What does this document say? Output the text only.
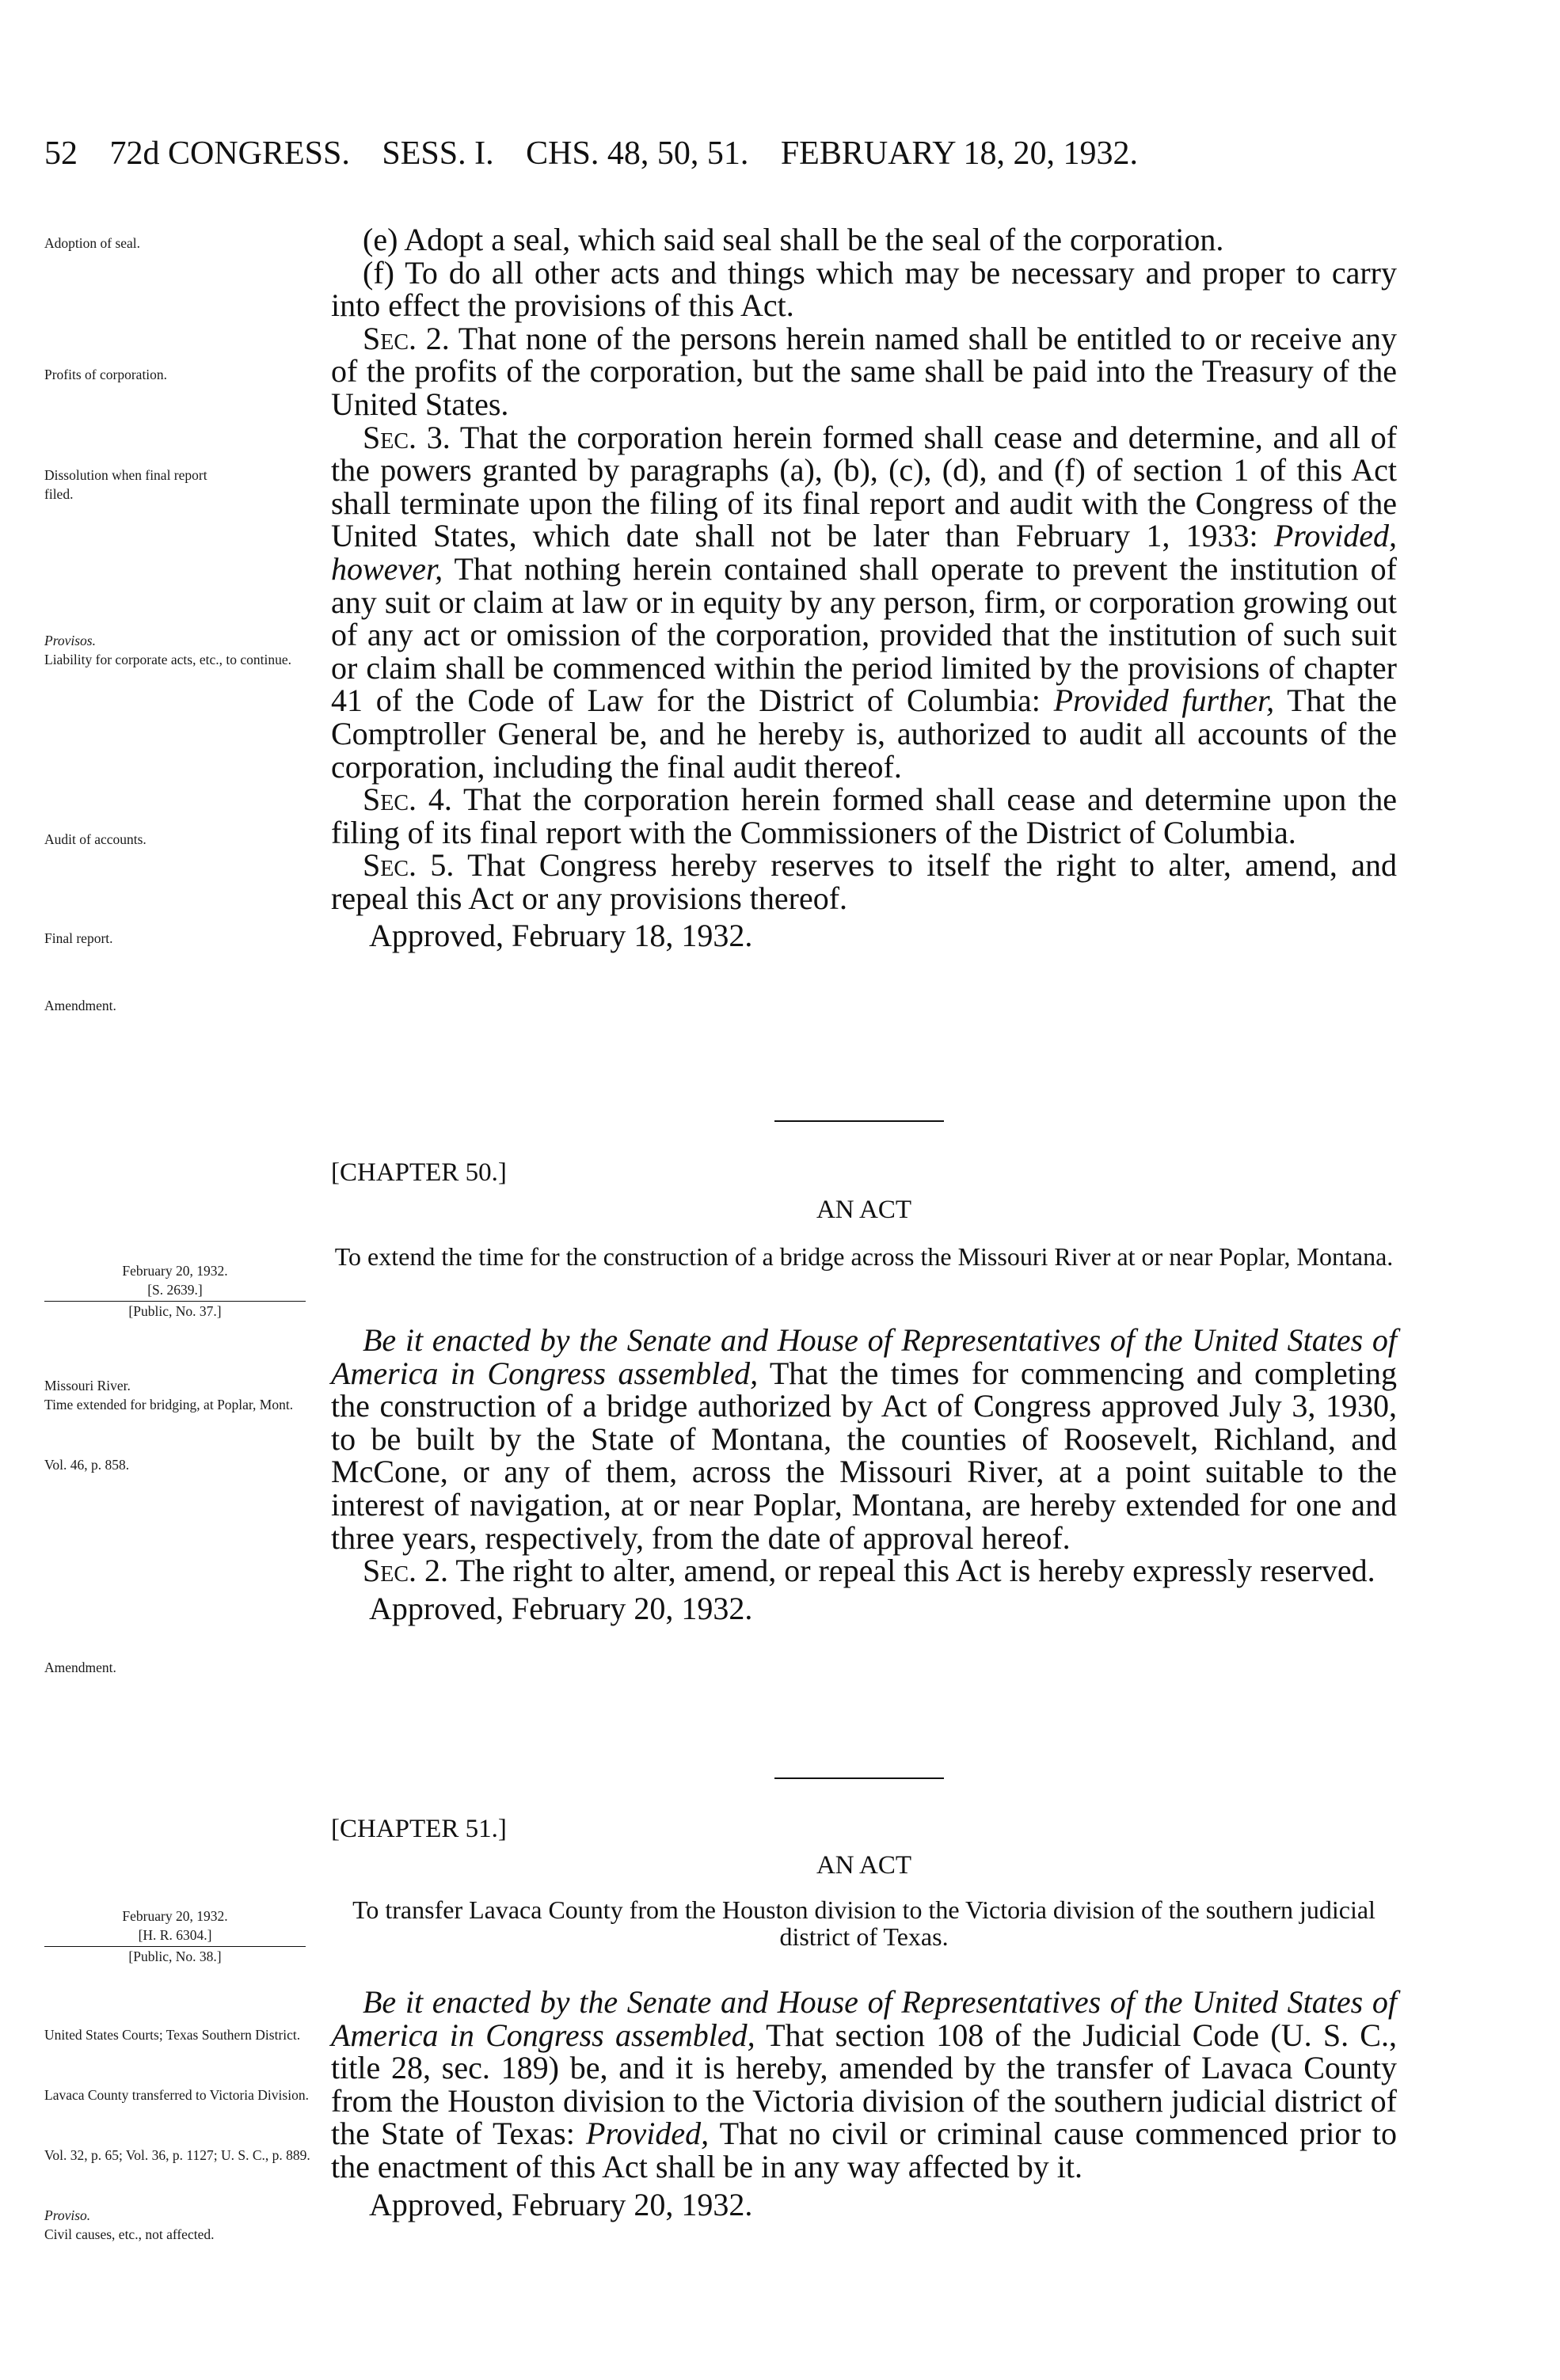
52 72d CONGRESS. SESS. I. CHS. 48, 50, 51. FEBRUARY 18, 20, 1932.
Adoption of seal.
Profits of corporation.
Dissolution when final report filed.
Provisos.
Liability for corporate acts, etc., to continue.
Audit of accounts.
Final report.
Amendment.

(e) Adopt a seal, which said seal shall be the seal of the corporation.

(f) To do all other acts and things which may be necessary and proper to carry into effect the provisions of this Act.

Sec. 2. That none of the persons herein named shall be entitled to or receive any of the profits of the corporation, but the same shall be paid into the Treasury of the United States.

Sec. 3. That the corporation herein formed shall cease and determine, and all of the powers granted by paragraphs (a), (b), (c), (d), and (f) of section 1 of this Act shall terminate upon the filing of its final report and audit with the Congress of the United States, which date shall not be later than February 1, 1933: Provided, however, That nothing herein contained shall operate to prevent the institution of any suit or claim at law or in equity by any person, firm, or corporation growing out of any act or omission of the corporation, provided that the institution of such suit or claim shall be commenced within the period limited by the provisions of chapter 41 of the Code of Law for the District of Columbia: Provided further, That the Comptroller General be, and he hereby is, authorized to audit all accounts of the corporation, including the final audit thereof.

Sec. 4. That the corporation herein formed shall cease and determine upon the filing of its final report with the Commissioners of the District of Columbia.

Sec. 5. That Congress hereby reserves to itself the right to alter, amend, and repeal this Act or any provisions thereof.

Approved, February 18, 1932.

[CHAPTER 50.]
AN ACT
February 20, 1932.
[S. 2639.]
[Public, No. 37.]
To extend the time for the construction of a bridge across the Missouri River at or near Poplar, Montana.
Missouri River.
Time extended for bridging, at Poplar, Mont.
Vol. 46, p. 858.
Amendment.

Be it enacted by the Senate and House of Representatives of the United States of America in Congress assembled, That the times for commencing and completing the construction of a bridge authorized by Act of Congress approved July 3, 1930, to be built by the State of Montana, the counties of Roosevelt, Richland, and McCone, or any of them, across the Missouri River, at a point suitable to the interest of navigation, at or near Poplar, Montana, are hereby extended for one and three years, respectively, from the date of approval hereof.

Sec. 2. The right to alter, amend, or repeal this Act is hereby expressly reserved.

Approved, February 20, 1932.

[CHAPTER 51.]
AN ACT
February 20, 1932.
[H. R. 6304.]
[Public, No. 38.]
To transfer Lavaca County from the Houston division to the Victoria division of the southern judicial district of Texas.
United States Courts; Texas Southern District.
Lavaca County transferred to Victoria Division.
Vol. 32, p. 65; Vol. 36, p. 1127; U. S. C., p. 889.
Proviso.
Civil causes, etc., not affected.

Be it enacted by the Senate and House of Representatives of the United States of America in Congress assembled, That section 108 of the Judicial Code (U. S. C., title 28, sec. 189) be, and it is hereby, amended by the transfer of Lavaca County from the Houston division to the Victoria division of the southern judicial district of the State of Texas: Provided, That no civil or criminal cause commenced prior to the enactment of this Act shall be in any way affected by it.

Approved, February 20, 1932.
